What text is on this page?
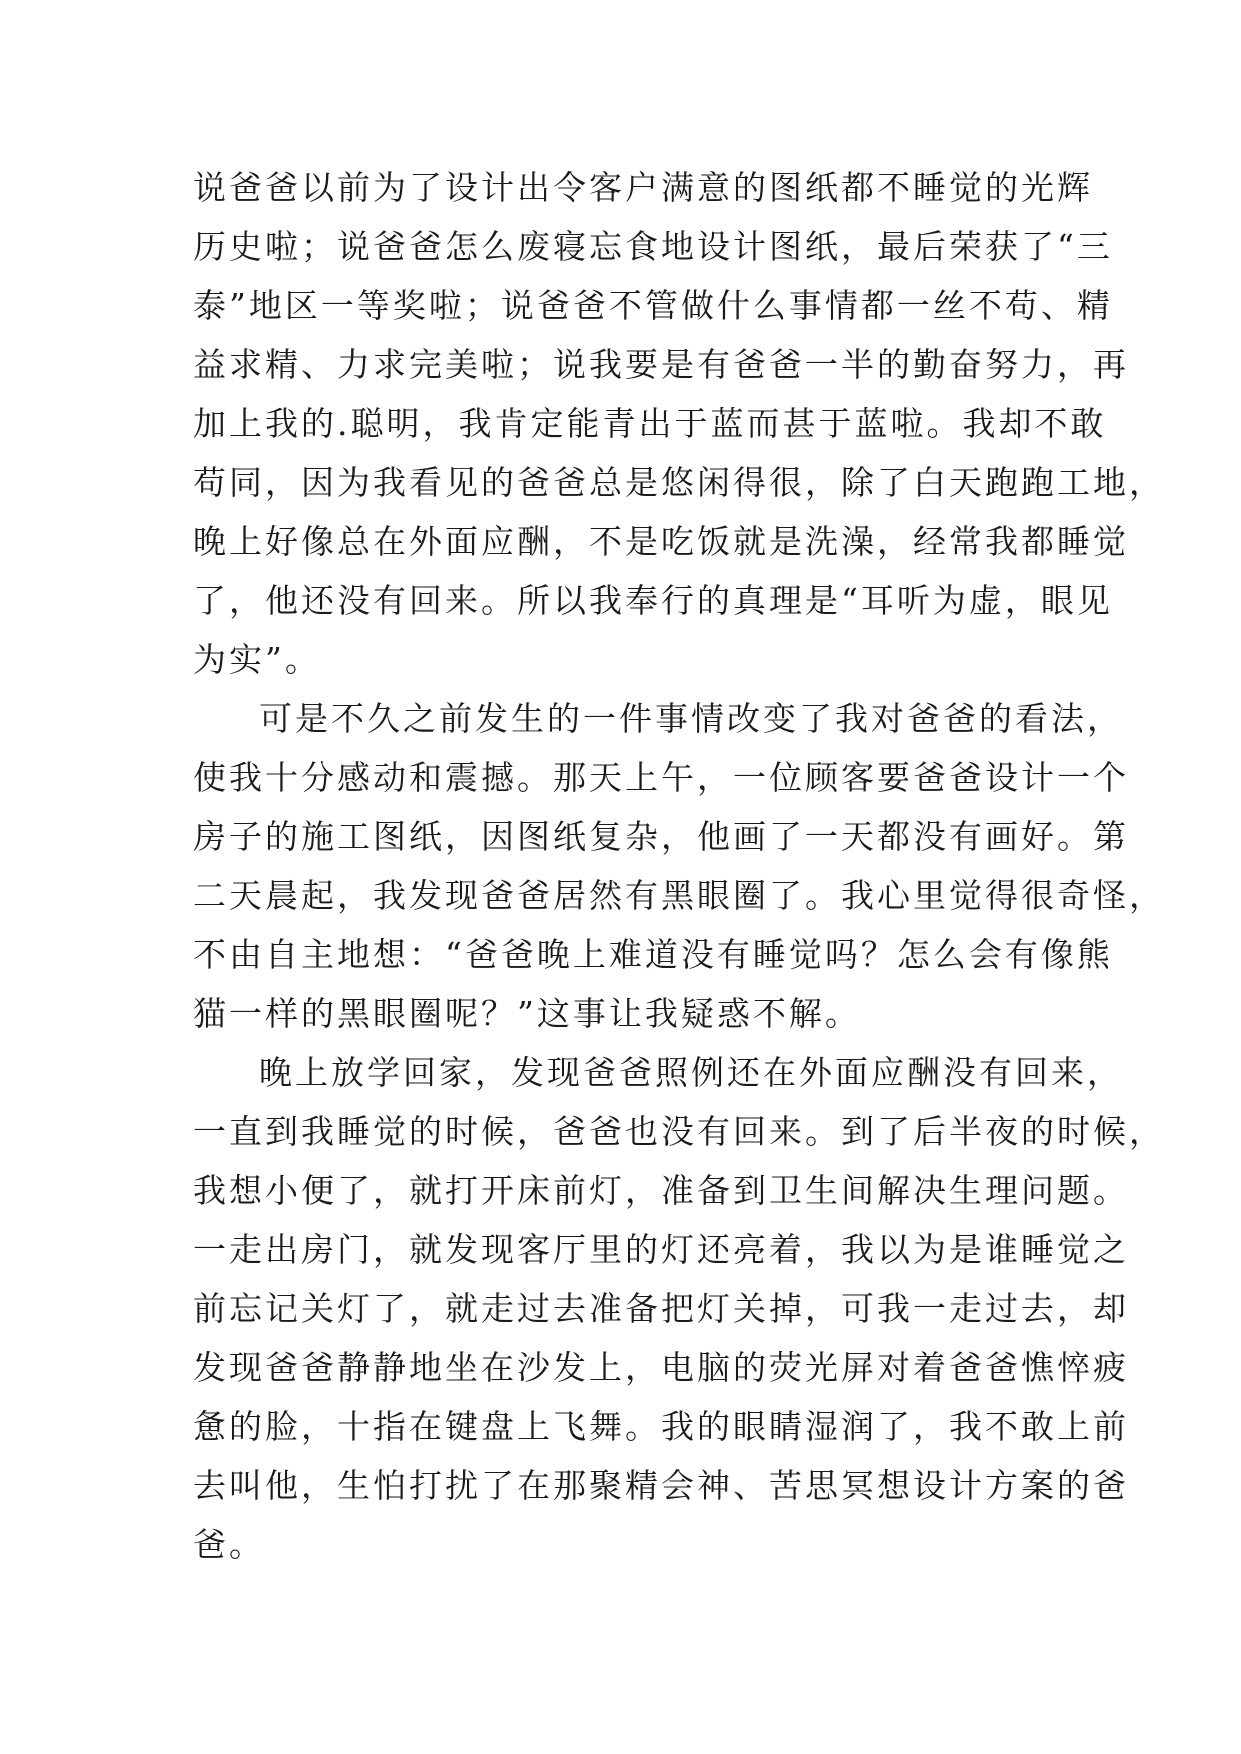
说爸爸以前为了设计出令客户满意的图纸都不睡觉的光辉
历史啦；说爸爸怎么废寝忘食地设计图纸，最后荣获了“三
泰”地区一等奖啦；说爸爸不管做什么事情都一丝不苟、精
益求精、力求完美啦；说我要是有爸爸一半的勤奋努力，再
加上我的.聪明，我肯定能青出于蓝而甚于蓝啦。我却不敢
苟同，因为我看见的爸爸总是悠闲得很，除了白天跑跑工地，
晚上好像总在外面应酬，不是吃饭就是洗澡，经常我都睡觉
了，他还没有回来。所以我奉行的真理是“耳听为虚，眼见
为实”。
可是不久之前发生的一件事情改变了我对爸爸的看法，
使我十分感动和震撼。那天上午，一位顾客要爸爸设计一个
房子的施工图纸，因图纸复杂，他画了一天都没有画好。第
二天晨起，我发现爸爸居然有黑眼圈了。我心里觉得很奇怪，
不由自主地想：“爸爸晚上难道没有睡觉吗？怎么会有像熊
猫一样的黑眼圈呢？”这事让我疑惑不解。
晚上放学回家，发现爸爸照例还在外面应酬没有回来，
一直到我睡觉的时候，爸爸也没有回来。到了后半夜的时候，
我想小便了，就打开床前灯，准备到卫生间解决生理问题。
一走出房门，就发现客厅里的灯还亮着，我以为是谁睡觉之
前忘记关灯了，就走过去准备把灯关掉，可我一走过去，却
发现爸爸静静地坐在沙发上，电脑的荧光屏对着爸爸憔悴疲
惫的脸，十指在键盘上飞舞。我的眼睛湿润了，我不敢上前
去叫他，生怕打扰了在那聚精会神、苦思冥想设计方案的爸
爸。
